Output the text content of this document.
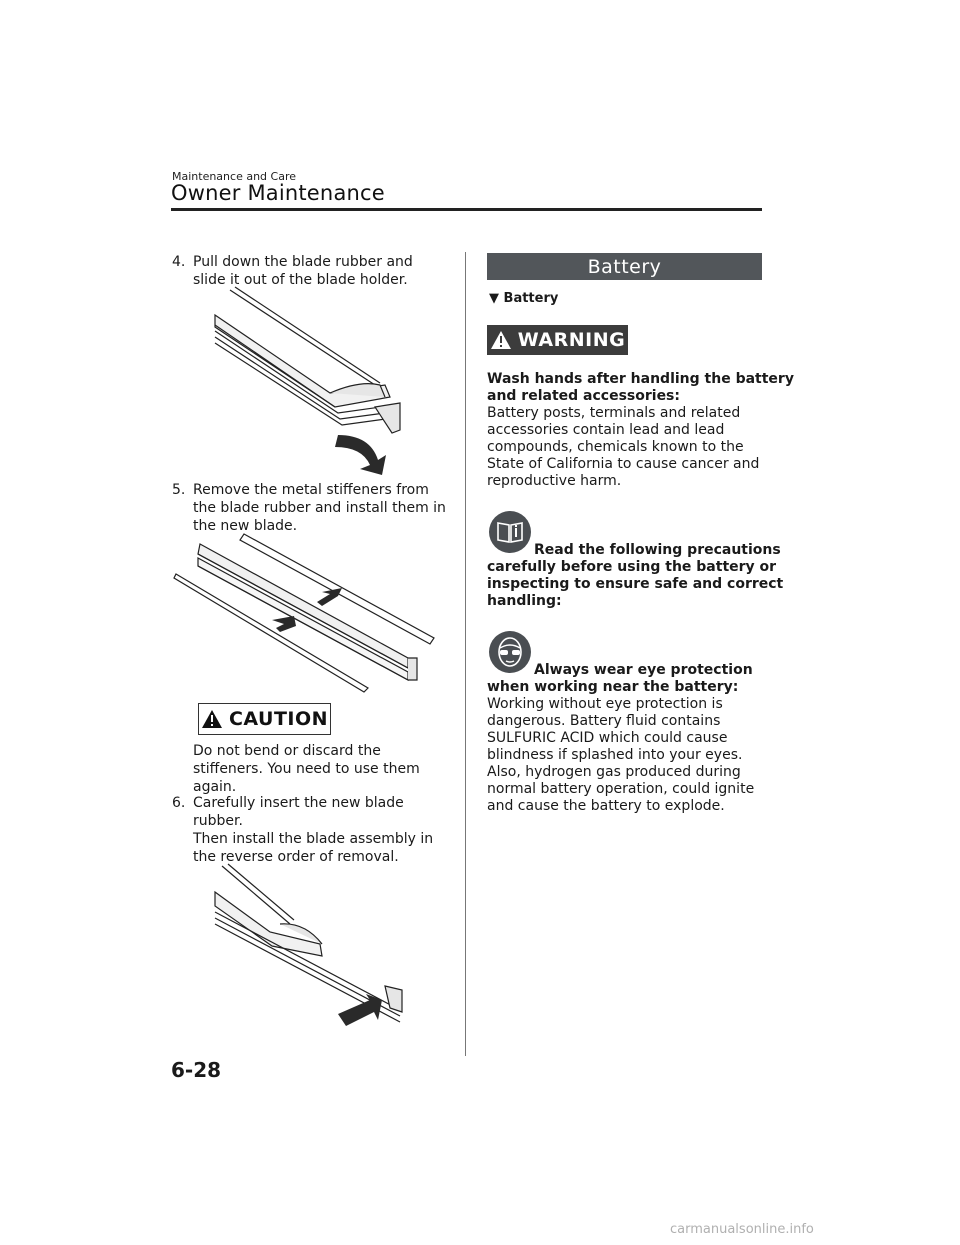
Maintenance and Care
Owner Maintenance
4. Pull down the blade rubber and
slide it out of the blade holder.
5. Remove the metal stiffeners from
the blade rubber and install them in
the new blade.
CAUTION
Do not bend or discard the
stiffeners. You need to use them
again.
6. Carefully insert the new blade
rubber.
Then install the blade assembly in
the reverse order of removal.
Battery
▼ Battery
WARNING
Wash hands after handling the battery
and related accessories:
Battery posts, terminals and related
accessories contain lead and lead
compounds, chemicals known to the
State of California to cause cancer and
reproductive harm.
Read the following precautions
carefully before using the battery or
inspecting to ensure safe and correct
handling:
Always wear eye protection
when working near the battery:
Working without eye protection is
dangerous. Battery fluid contains
SULFURIC ACID which could cause
blindness if splashed into your eyes.
Also, hydrogen gas produced during
normal battery operation, could ignite
and cause the battery to explode.
6-28
carmanualsonline.info
